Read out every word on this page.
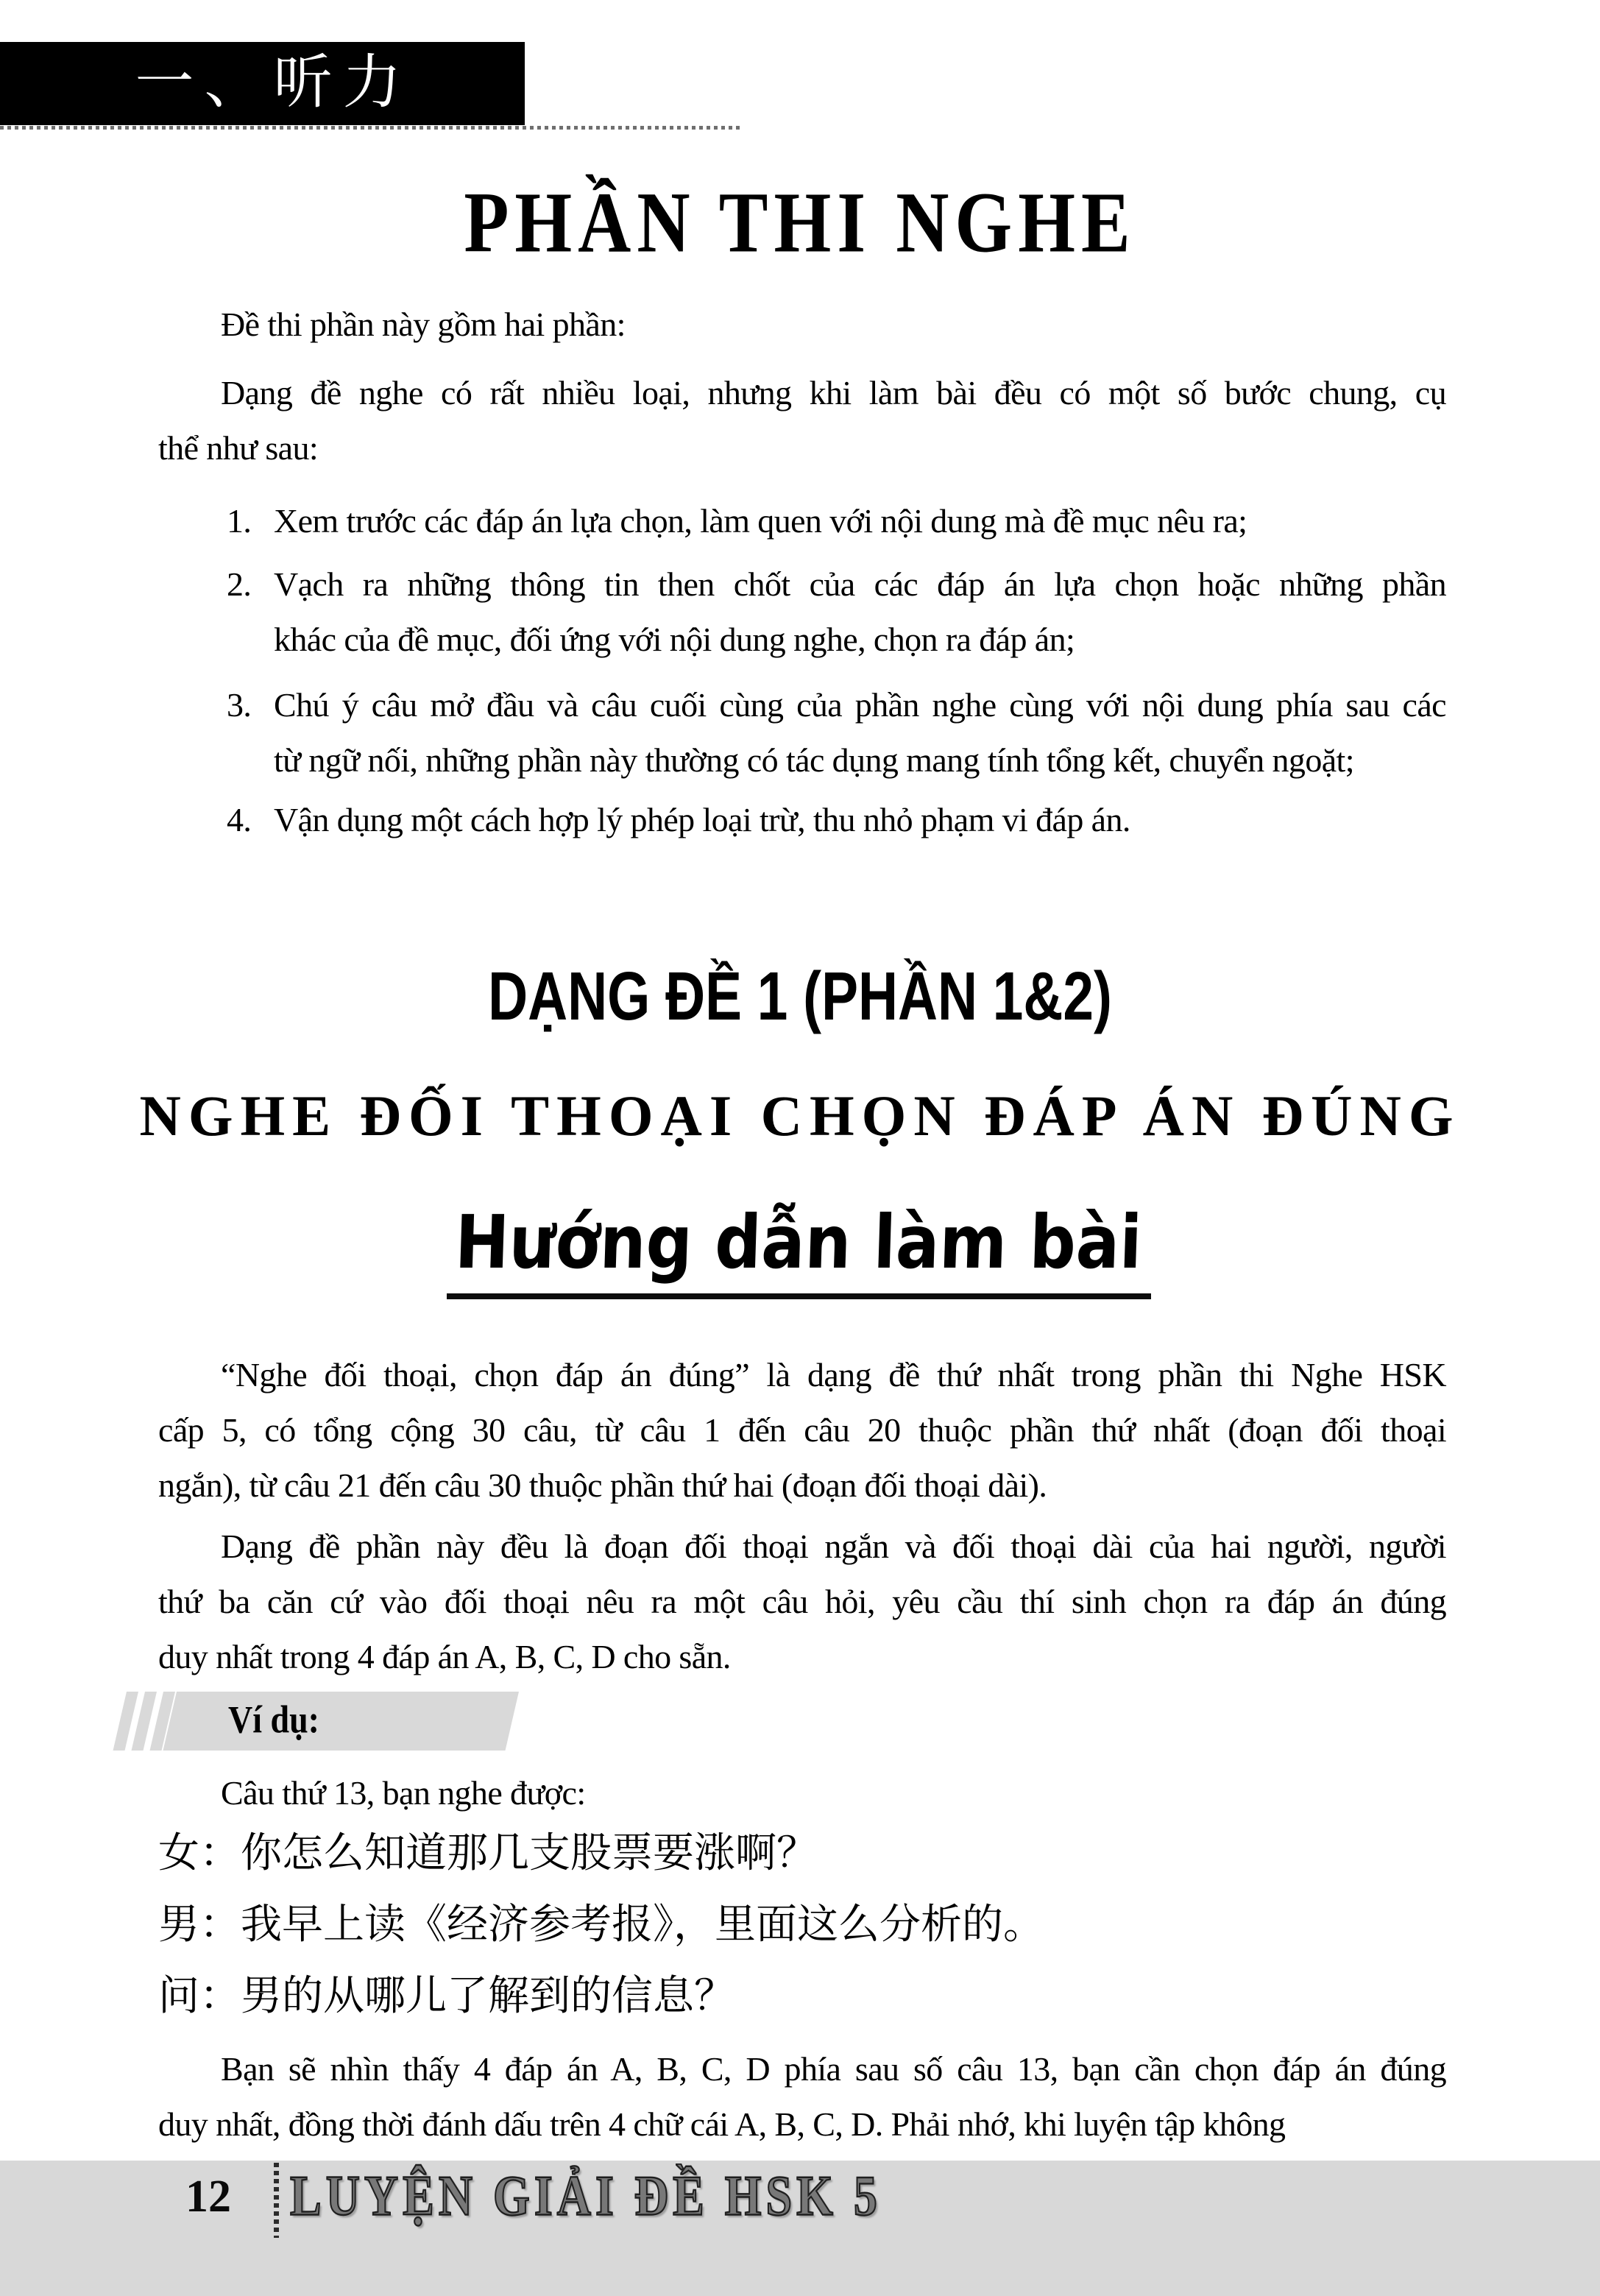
一、听力
PHẦN THI NGHE
Đề thi phần này gồm hai phần:
Dạng đề nghe có rất nhiều loại, nhưng khi làm bài đều có một số bước chung, cụ
thể như sau:
1. Xem trước các đáp án lựa chọn, làm quen với nội dung mà đề mục nêu ra;
2. Vạch ra những thông tin then chốt của các đáp án lựa chọn hoặc những phần
khác của đề mục, đối ứng với nội dung nghe, chọn ra đáp án;
3. Chú ý câu mở đầu và câu cuối cùng của phần nghe cùng với nội dung phía sau các
từ ngữ nối, những phần này thường có tác dụng mang tính tổng kết, chuyển ngoặt;
4. Vận dụng một cách hợp lý phép loại trừ, thu nhỏ phạm vi đáp án.
DẠNG ĐỀ 1 (PHẦN 1&2)
NGHE ĐỐI THOẠI CHỌN ĐÁP ÁN ĐÚNG
Hướng dẫn làm bài
“Nghe đối thoại, chọn đáp án đúng” là dạng đề thứ nhất trong phần thi Nghe HSK
cấp 5, có tổng cộng 30 câu, từ câu 1 đến câu 20 thuộc phần thứ nhất (đoạn đối thoại
ngắn), từ câu 21 đến câu 30 thuộc phần thứ hai (đoạn đối thoại dài).
Dạng đề phần này đều là đoạn đối thoại ngắn và đối thoại dài của hai người, người
thứ ba căn cứ vào đối thoại nêu ra một câu hỏi, yêu cầu thí sinh chọn ra đáp án đúng
duy nhất trong 4 đáp án A, B, C, D cho sẵn.
Ví dụ:
Câu thứ 13, bạn nghe được:
女：你怎么知道那几支股票要涨啊？
男：我早上读《经济参考报》，里面这么分析的。
问：男的从哪儿了解到的信息？
Bạn sẽ nhìn thấy 4 đáp án A, B, C, D phía sau số câu 13, bạn cần chọn đáp án đúng
duy nhất, đồng thời đánh dấu trên 4 chữ cái A, B, C, D. Phải nhớ, khi luyện tập không
12 LUYỆN GIẢI ĐỀ HSK 5
